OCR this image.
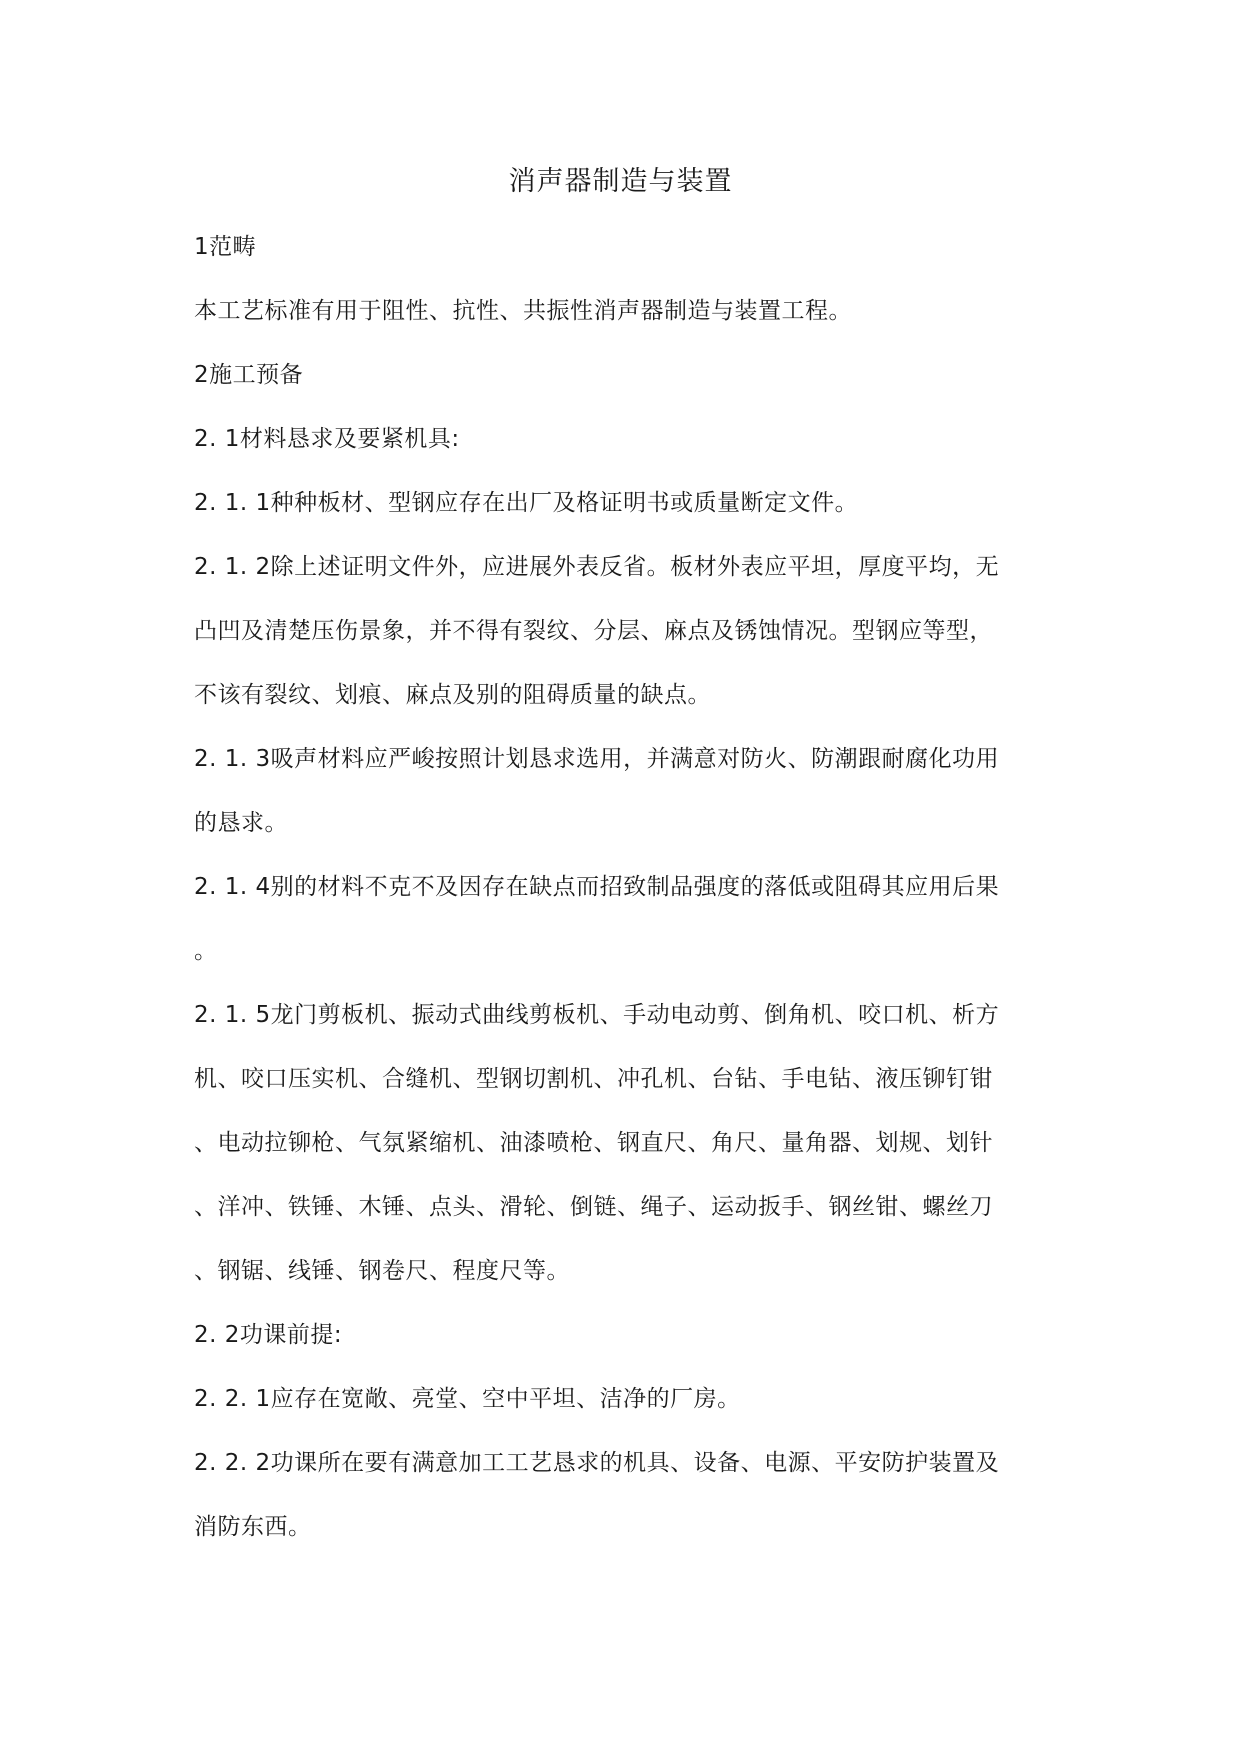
消声器制造与装置
1范畴
本工艺标准有用于阻性、抗性、共振性消声器制造与装置工程。
2施工预备
2. 1材料恳求及要紧机具:
2. 1. 1种种板材、型钢应存在出厂及格证明书或质量断定文件。
2. 1. 2除上述证明文件外，应进展外表反省。板材外表应平坦，厚度平均，无
凸凹及清楚压伤景象，并不得有裂纹、分层、麻点及锈蚀情况。型钢应等型，
不该有裂纹、划痕、麻点及别的阻碍质量的缺点。
2. 1. 3吸声材料应严峻按照计划恳求选用，并满意对防火、防潮跟耐腐化功用
的恳求。
2. 1. 4别的材料不克不及因存在缺点而招致制品强度的落低或阻碍其应用后果
。
2. 1. 5龙门剪板机、振动式曲线剪板机、手动电动剪、倒角机、咬口机、析方
机、咬口压实机、合缝机、型钢切割机、冲孔机、台钻、手电钻、液压铆钉钳
、电动拉铆枪、气氛紧缩机、油漆喷枪、钢直尺、角尺、量角器、划规、划针
、洋冲、铁锤、木锤、点头、滑轮、倒链、绳子、运动扳手、钢丝钳、螺丝刀
、钢锯、线锤、钢卷尺、程度尺等。
2. 2功课前提:
2. 2. 1应存在宽敞、亮堂、空中平坦、洁净的厂房。
2. 2. 2功课所在要有满意加工工艺恳求的机具、设备、电源、平安防护装置及
消防东西。
